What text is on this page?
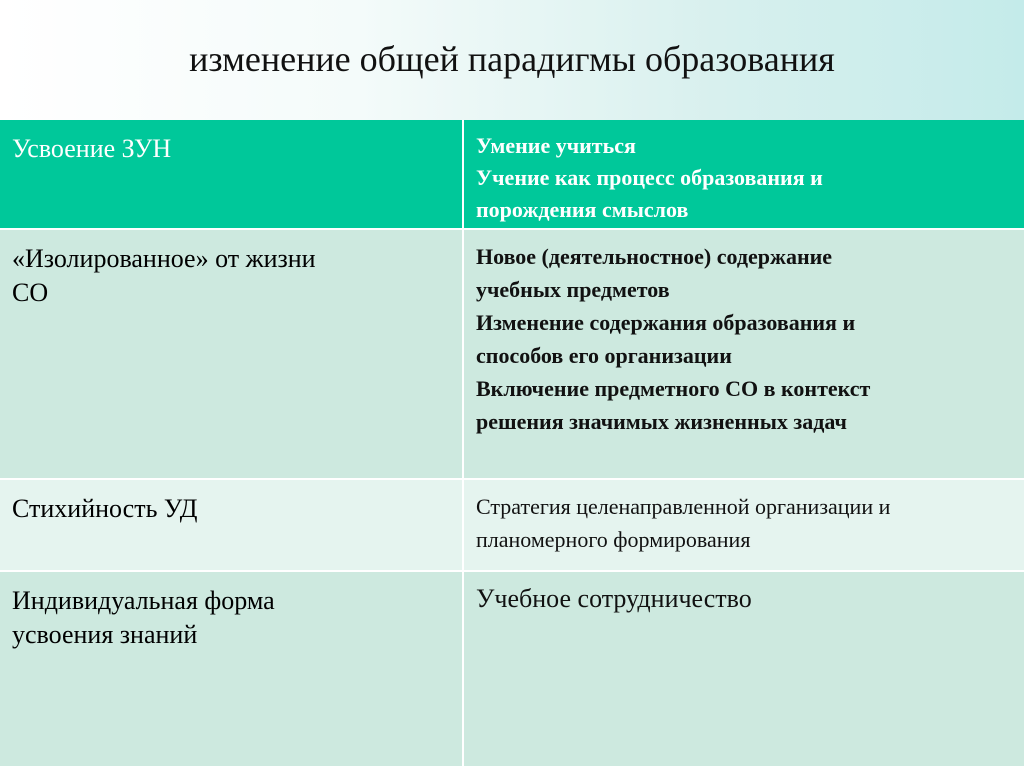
изменение общей парадигмы образования
Усвоение ЗУН	Умение учиться
Учение как процесс образования и
порождения смыслов
«Изолированное» от жизни
СО
Новое (деятельностное) содержание
учебных предметов
Изменение содержания образования и
способов его организации
Включение предметного СО в контекст
решения значимых жизненных задач
Стихийность УД	Стратегия целенаправленной организации и
планомерного формирования
Индивидуальная форма
усвоения знаний
Учебное сотрудничество
